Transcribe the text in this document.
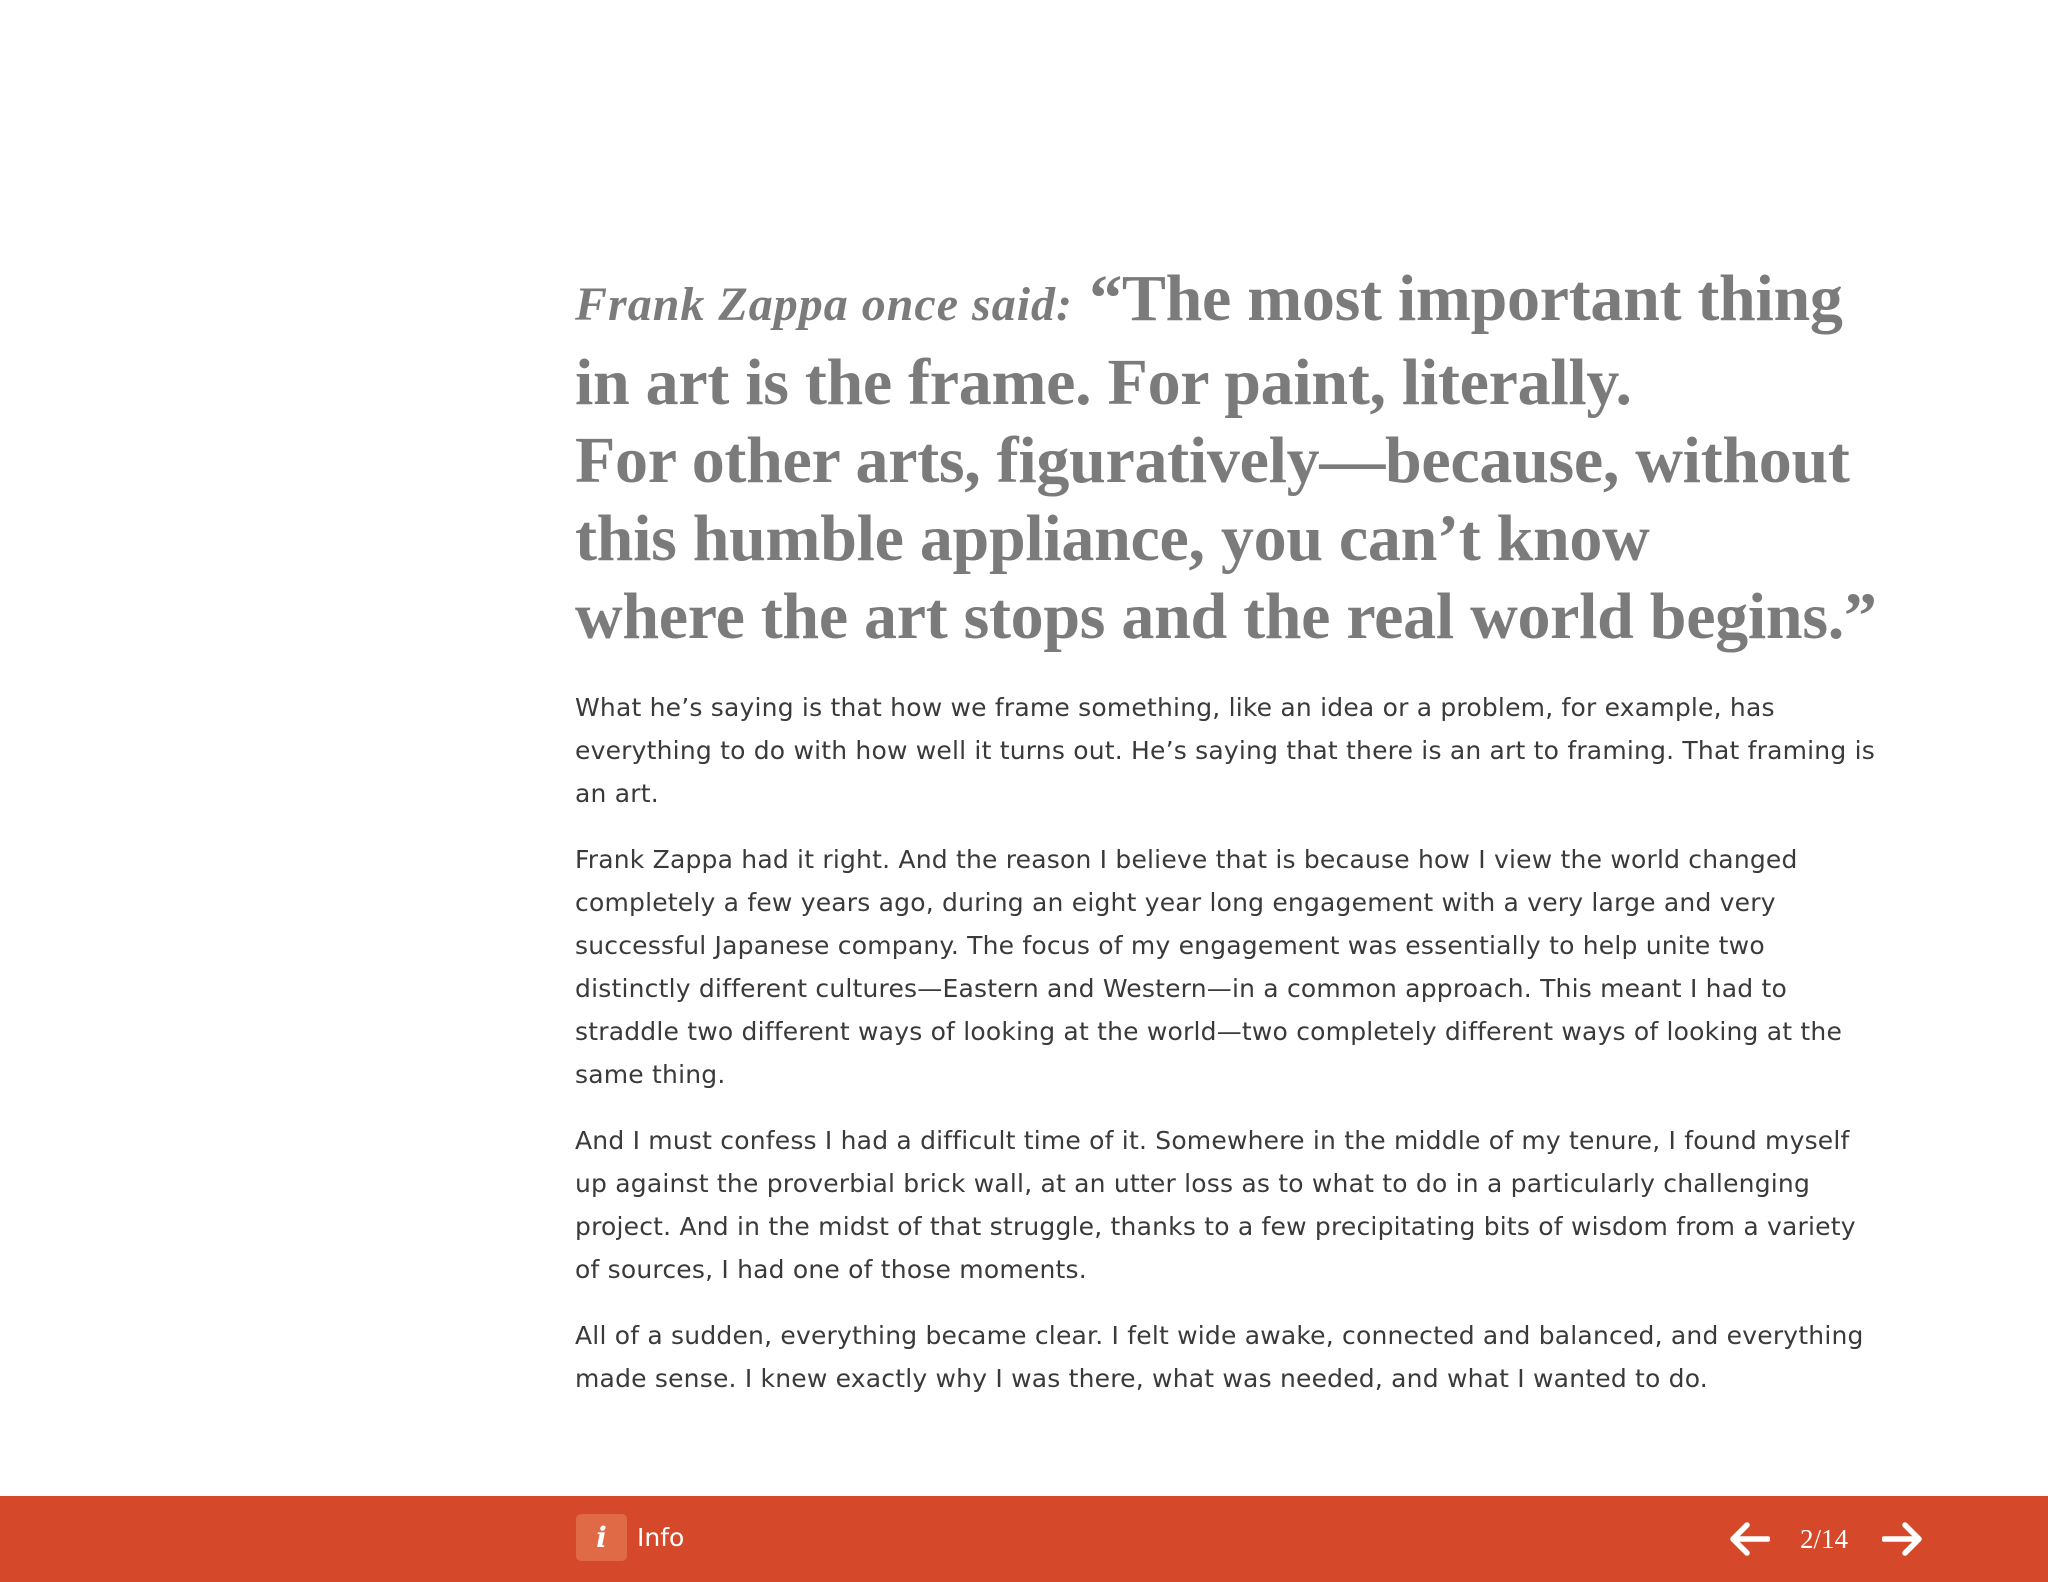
Frank Zappa once said: “The most important thing
in art is the frame. For paint, literally.
For other arts, figuratively—because, without
this humble appliance, you can’t know
where the art stops and the real world begins.”

What he’s saying is that how we frame something, like an idea or a problem, for example, has everything to do with how well it turns out. He’s saying that there is an art to framing. That framing is an art.

Frank Zappa had it right. And the reason I believe that is because how I view the world changed completely a few years ago, during an eight year long engagement with a very large and very successful Japanese company. The focus of my engagement was essentially to help unite two distinctly different cultures—Eastern and Western—in a common approach. This meant I had to straddle two different ways of looking at the world—two completely different ways of looking at the same thing.

And I must confess I had a difficult time of it. Somewhere in the middle of my tenure, I found myself up against the proverbial brick wall, at an utter loss as to what to do in a particularly challenging project. And in the midst of that struggle, thanks to a few precipitating bits of wisdom from a variety of sources, I had one of those moments.

All of a sudden, everything became clear. I felt wide awake, connected and balanced, and everything made sense. I knew exactly why I was there, what was needed, and what I wanted to do.

i	Info	2/14
